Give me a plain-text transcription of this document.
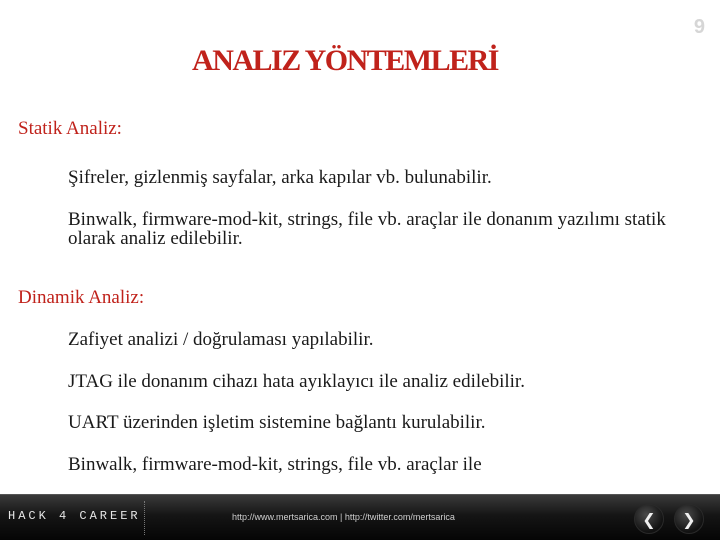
9
ANALIZ YÖNTEMLERİ
Statik Analiz:
Şifreler, gizlenmiş sayfalar, arka kapılar vb. bulunabilir.
Binwalk, firmware-mod-kit, strings, file vb. araçlar ile donanım yazılımı statik olarak analiz edilebilir.
Dinamik Analiz:
Zafiyet analizi / doğrulaması yapılabilir.
JTAG ile donanım cihazı hata ayıklayıcı ile analiz edilebilir.
UART üzerinden işletim sistemine bağlantı kurulabilir.
Binwalk, firmware-mod-kit, strings, file vb. araçlar ile
HACK 4 CAREER	http://www.mertsarica.com | http://twitter.com/mertsarica	❮ ❯
